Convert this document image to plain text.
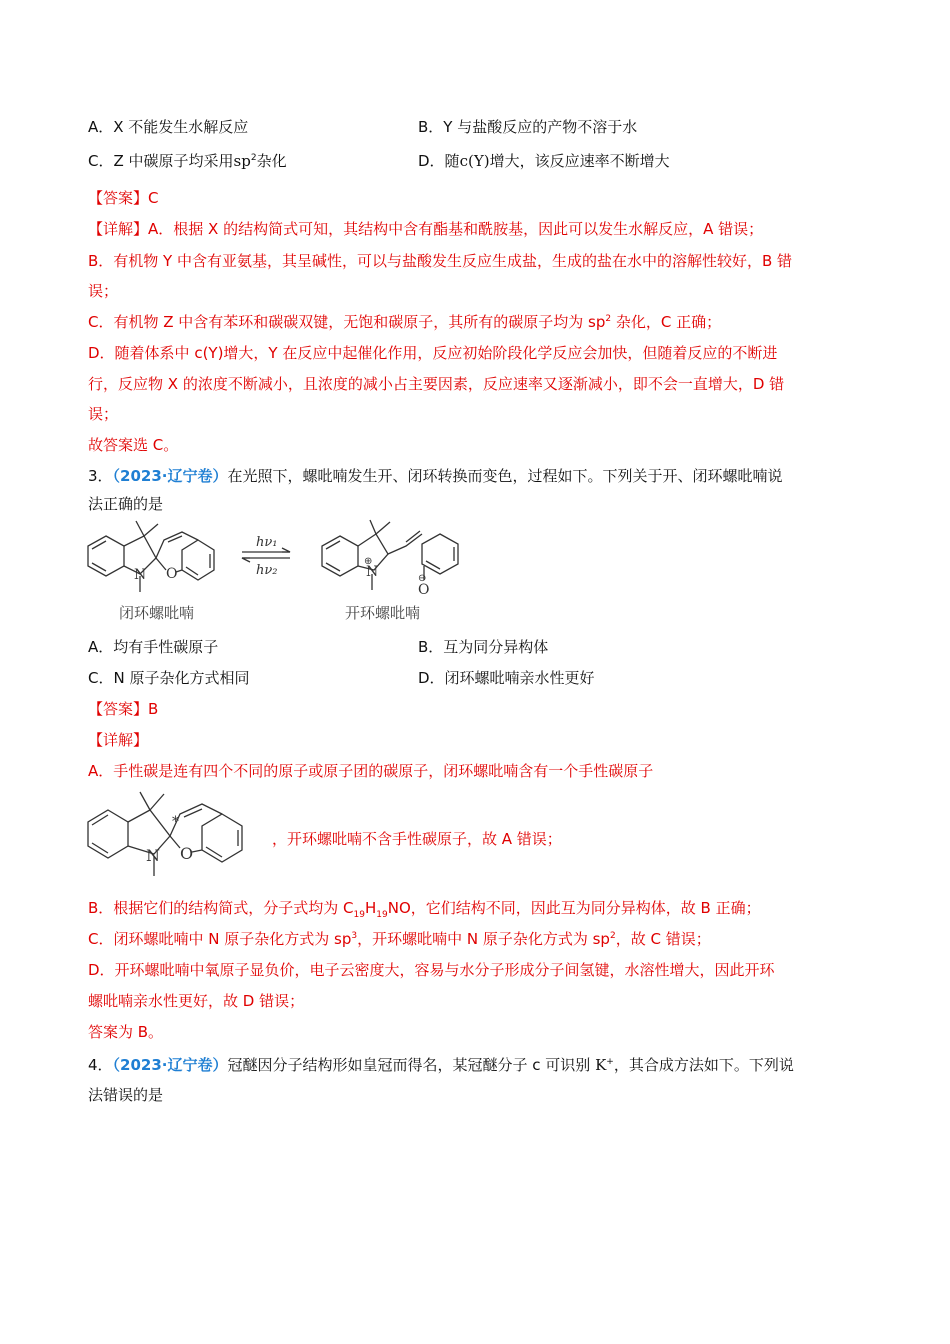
A．X 不能发生水解反应	B．Y 与盐酸反应的产物不溶于水
C．Z 中碳原子均采用$sp^2$杂化	D．随c(Y)增大，该反应速率不断增大
【答案】C
【详解】A．根据 X 的结构简式可知，其结构中含有酯基和酰胺基，因此可以发生水解反应，A 错误；
B．有机物 Y 中含有亚氨基，其呈碱性，可以与盐酸发生反应生成盐，生成的盐在水中的溶解性较好，B 错
误；
C．有机物 Z 中含有苯环和碳碳双键，无饱和碳原子，其所有的碳原子均为 $sp^2$ 杂化，C 正确；
D．随着体系中 c(Y)增大，Y 在反应中起催化作用，反应初始阶段化学反应会加快，但随着反应的不断进
行，反应物 X 的浓度不断减小，且浓度的减小占主要因素，反应速率又逐渐减小，即不会一直增大，D 错
误；
故答案选 C。
3．（2023·辽宁卷）在光照下，螺吡喃发生开、闭环转换而变色，过程如下。下列关于开、闭环螺吡喃说
法正确的是
N O	N
⊕
O
⊖
hν₁
hν₂
闭环螺吡喃	开环螺吡喃
A．均有手性碳原子	B．互为同分异构体
C．N 原子杂化方式相同	D．闭环螺吡喃亲水性更好
【答案】B
【详解】
A．手性碳是连有四个不同的原子或原子团的碳原子，闭环螺吡喃含有一个手性碳原子
N O
*
，开环螺吡喃不含手性碳原子，故 A 错误；
B．根据它们的结构简式，分子式均为 $C_{19}H_{19}NO$，它们结构不同，因此互为同分异构体，故 B 正确；
C．闭环螺吡喃中 N 原子杂化方式为 $sp^3$，开环螺吡喃中 N 原子杂化方式为 $sp^2$，故 C 错误；
D．开环螺吡喃中氧原子显负价，电子云密度大，容易与水分子形成分子间氢键，水溶性增大，因此开环
螺吡喃亲水性更好，故 D 错误；
答案为 B。
4．（2023·辽宁卷）冠醚因分子结构形如皇冠而得名，某冠醚分子 c 可识别 K+，其合成方法如下。下列说
法错误的是
